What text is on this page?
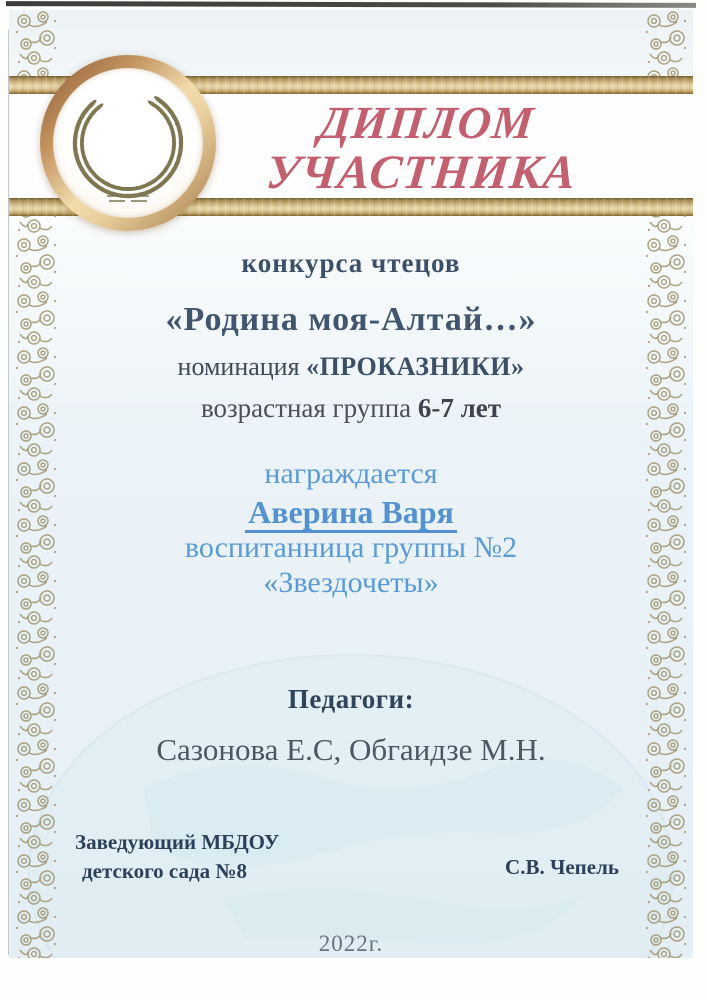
ДИПЛОМ
УЧАСТНИКА
конкурса чтецов
«Родина моя-Алтай…»
номинация «ПРОКАЗНИКИ»
возрастная группа 6-7 лет
награждается
Аверина Варя
воспитанница группы №2
«Звездочеты»
Педагоги:
Сазонова Е.С, Обгаидзе М.Н.
Заведующий МБДОУ
детского сада №8	С.В. Чепель
2022г.
